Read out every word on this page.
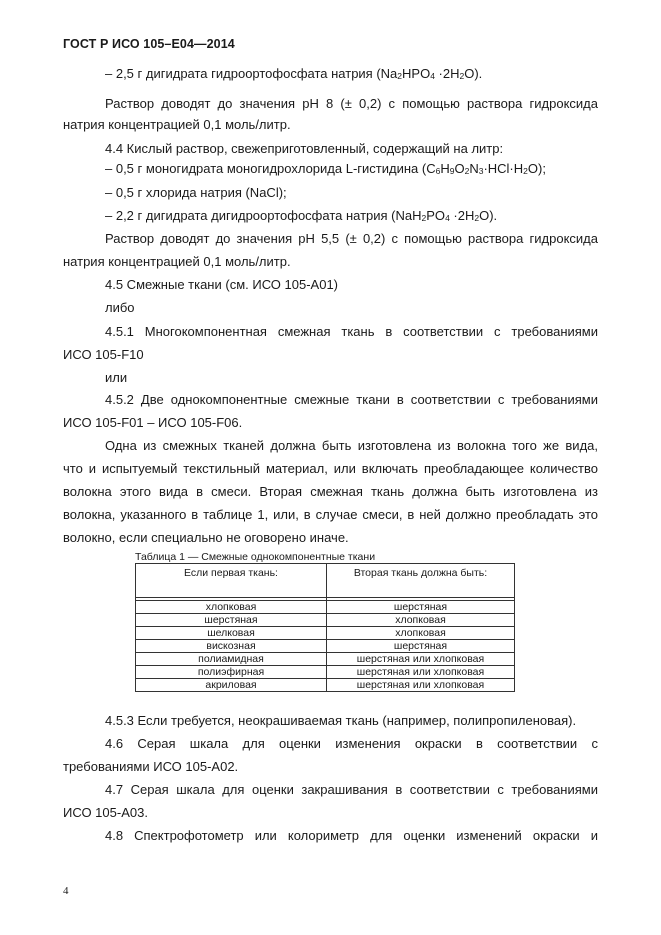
ГОСТ Р ИСО 105–Е04—2014
– 2,5 г дигидрата гидроортофосфата натрия $(Na_2HPO_4 \cdot 2H_2O)$.
Раствор доводят до значения pH 8 (± 0,2) с помощью раствора гидроксида
натрия концентрацией 0,1 моль/литр.
4.4 Кислый раствор, свежеприготовленный, содержащий на литр:
– 0,5 г моногидрата моногидрохлорида L-гистидина $(С_6Н_9O_2N_3\cdot HCl\cdot H_2O)$;
– 0,5 г хлорида натрия (NaCl);
– 2,2 г дигидрата дигидроортофосфата натрия $(NaH_2PO_4 \cdot 2H_2O)$.
Раствор доводят до значения pH 5,5 (± 0,2) с помощью раствора гидроксида
натрия концентрацией 0,1 моль/литр.
4.5 Смежные ткани (см. ИСО 105-А01)
либо
4.5.1 Многокомпонентная смежная ткань в соответствии с требованиями
ИСО 105-F10
или
4.5.2 Две однокомпонентные смежные ткани в соответствии с требованиями
ИСО 105-F01 – ИСО 105-F06.
Одна из смежных тканей должна быть изготовлена из волокна того же вида,
что и испытуемый текстильный материал, или включать преобладающее количество
волокна этого вида в смеси. Вторая смежная ткань должна быть изготовлена из
волокна, указанного в таблице 1, или, в случае смеси, в ней должно преобладать это
волокно, если специально не оговорено иначе.
Таблица 1 — Смежные однокомпонентные ткани
Если первая ткань:	Вторая ткань должна быть:

хлопковая	шерстяная
шерстяная	хлопковая
шелковая	хлопковая
вискозная	шерстяная
полиамидная	шерстяная или хлопковая
полиэфирная	шерстяная или хлопковая
акриловая	шерстяная или хлопковая
4.5.3 Если требуется, неокрашиваемая ткань (например, полипропиленовая).
4.6 Серая шкала для оценки изменения окраски в соответствии с
требованиями ИСО 105-А02.
4.7 Серая шкала для оценки закрашивания в соответствии с требованиями
ИСО 105-А03.
4.8 Спектрофотометр или колориметр для оценки изменений окраски и
4
